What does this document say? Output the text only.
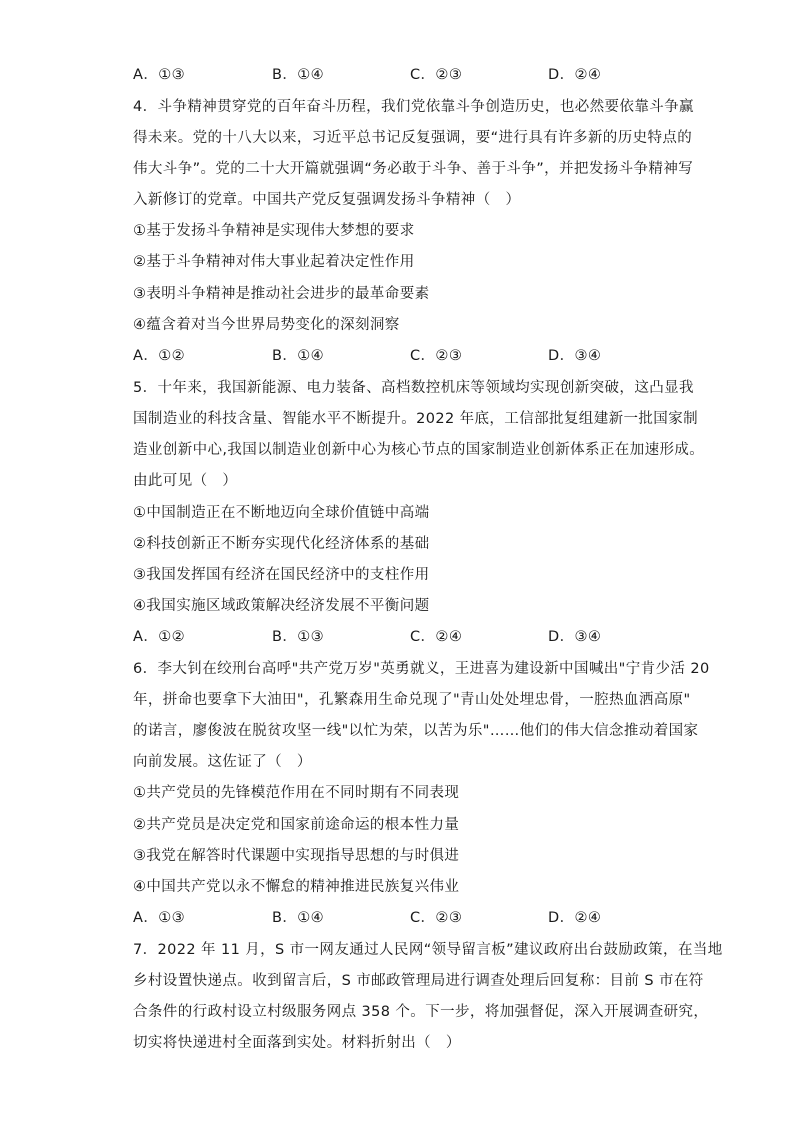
A．①③	B．①④	C．②③	D．②④
4．斗争精神贯穿党的百年奋斗历程，我们党依靠斗争创造历史，也必然要依靠斗争赢
得未来。党的十八大以来，习近平总书记反复强调，要“进行具有许多新的历史特点的
伟大斗争”。党的二十大开篇就强调“务必敢于斗争、善于斗争”，并把发扬斗争精神写
入新修订的党章。中国共产党反复强调发扬斗争精神（　）
①基于发扬斗争精神是实现伟大梦想的要求
②基于斗争精神对伟大事业起着决定性作用
③表明斗争精神是推动社会进步的最革命要素
④蕴含着对当今世界局势变化的深刻洞察
A．①②	B．①④	C．②③	D．③④
5．十年来，我国新能源、电力装备、高档数控机床等领域均实现创新突破，这凸显我
国制造业的科技含量、智能水平不断提升。2022 年底，工信部批复组建新一批国家制
造业创新中心,我国以制造业创新中心为核心节点的国家制造业创新体系正在加速形成。
由此可见（　）
①中国制造正在不断地迈向全球价值链中高端
②科技创新正不断夯实现代化经济体系的基础
③我国发挥国有经济在国民经济中的支柱作用
④我国实施区域政策解决经济发展不平衡问题
A．①②	B．①③	C．②④	D．③④
6．李大钊在绞刑台高呼"共产党万岁"英勇就义，王进喜为建设新中国喊出"宁肯少活 20
年，拼命也要拿下大油田"，孔繁森用生命兑现了"青山处处埋忠骨，一腔热血洒高原"
的诺言，廖俊波在脱贫攻坚一线"以忙为荣，以苦为乐"……他们的伟大信念推动着国家
向前发展。这佐证了（　）
①共产党员的先锋模范作用在不同时期有不同表现
②共产党员是决定党和国家前途命运的根本性力量
③我党在解答时代课题中实现指导思想的与时俱进
④中国共产党以永不懈怠的精神推进民族复兴伟业
A．①③	B．①④	C．②③	D．②④
7．2022 年 11 月，S 市一网友通过人民网“领导留言板”建议政府出台鼓励政策，在当地
乡村设置快递点。收到留言后，S 市邮政管理局进行调查处理后回复称：目前 S 市在符
合条件的行政村设立村级服务网点 358 个。下一步，将加强督促，深入开展调查研究，
切实将快递进村全面落到实处。材料折射出（　）
